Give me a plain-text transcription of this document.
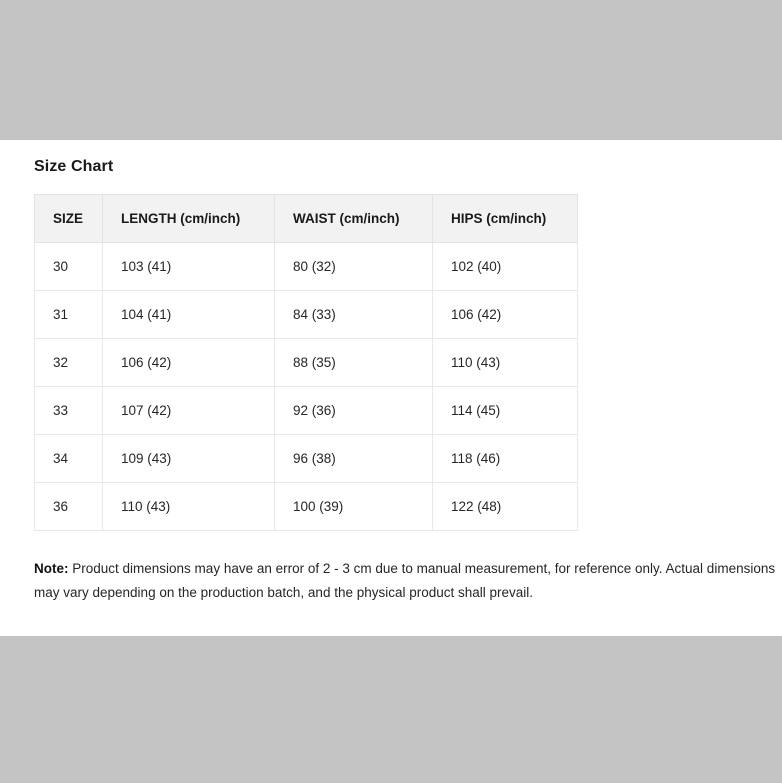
Size Chart
SIZE	LENGTH (cm/inch)	WAIST (cm/inch)	HIPS (cm/inch)
30	103 (41)	80 (32)	102 (40)
31	104 (41)	84 (33)	106 (42)
32	106 (42)	88 (35)	110 (43)
33	107 (42)	92 (36)	114 (45)
34	109 (43)	96 (38)	118 (46)
36	110 (43)	100 (39)	122 (48)

Note: Product dimensions may have an error of 2 - 3 cm due to manual measurement, for reference only. Actual dimensions may vary depending on the production batch, and the physical product shall prevail.
